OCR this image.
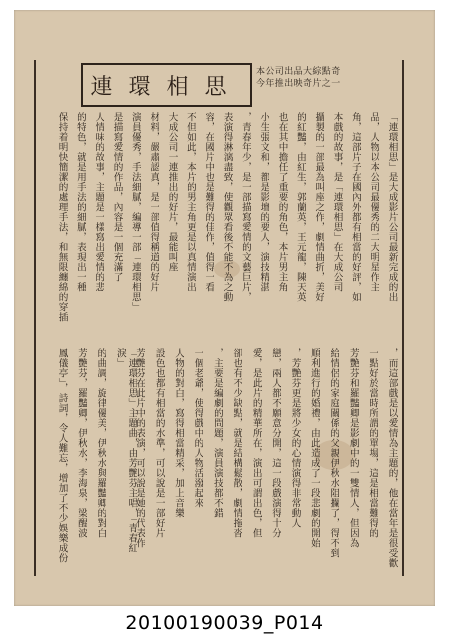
連環相思
本公司出品大綜點奇
今年推出映奇片之一
「連環相思」是大成影片公司最新完成的出
品，人物以本公司最優秀的二大明星作主
角，這部片子在國內外都有相當的好評，如
本戲的故事，是「連環相思」在大成公司
攝製的一部最為叫座之作，劇情曲折，美好
的紅豔，由紅生，郭蘭英，王元龍，陳天英
也在其中擔任了重要的角色，本片男主角
小生張文和，都是影壇的要人，演技精湛
，青春年少，是一部描寫愛情的文藝巨片，
表演得淋漓盡致，使觀眾看後不能不為之動
容，在國片中也是難得的佳作，值得一看
不但如此，本片的男主角更是以真情演出
大成公司一連推出的好片，最能叫座
材料，嚴肅認真，是一部值得稱道的好片
演員優秀，手法細膩，編導一部「連環相思」
是描寫愛情的作品，內容是一個充滿了
人情味的故事，主題是一樣寫出愛情的悲
的特色，就是用手法的細膩，表現出一種
保持着明快簡潔的處理手法，和無限纏綿的穿插
，而這部戲是以愛情為主題的，他在當年是很受歡
一點好於當時所謂的單場，這是相當難得的
芳艷芬和羅豔卿是影劇中的一雙情人，但因為
給情侶的家庭關係的父親伊秋水阻攔了，得不到
順利進行的婚禮，由此造成了一段悲劇的開始
，芳艷芬更是將少女的心情演得非常動人
戀，兩人都不願意分開，這一段戲演得十分
愛，是此片的精華所在，演出可謂出色，但
卻也有不少缺點，就是結構鬆散，劇情拖沓
，主要是編劇的問題，演員演技都不錯
一個老爺，使得戲中的人物活潑起來
人物的對白，寫得相當精采，加上音樂
設色也都有相當的水準，可以說是一部好片
芳艷芬在此片中的表演，可以說是她的代表作
「連環相思」主題曲，由芳艷芬主唱，「青春紅淚」
的曲調，旋律優美，伊秋水與羅豔卿的對白
芳艷芬，羅豔卿，伊秋水，李海泉，梁醒波
鳳儀亭」，詩詞，令人難忘，增加了不少娛樂成份
20100190039_P014
